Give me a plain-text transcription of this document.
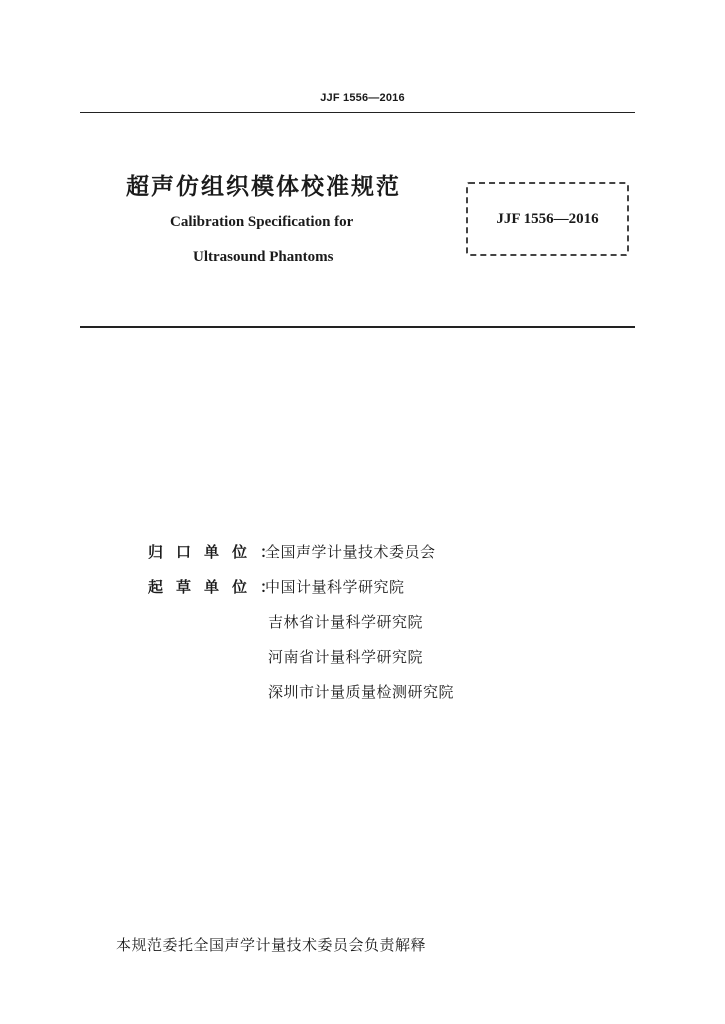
JJF 1556—2016
超声仿组织模体校准规范
Calibration Specification for
Ultrasound Phantoms
JJF 1556—2016
归口单位：
全国声学计量技术委员会
起草单位：
中国计量科学研究院
吉林省计量科学研究院
河南省计量科学研究院
深圳市计量质量检测研究院
本规范委托全国声学计量技术委员会负责解释
